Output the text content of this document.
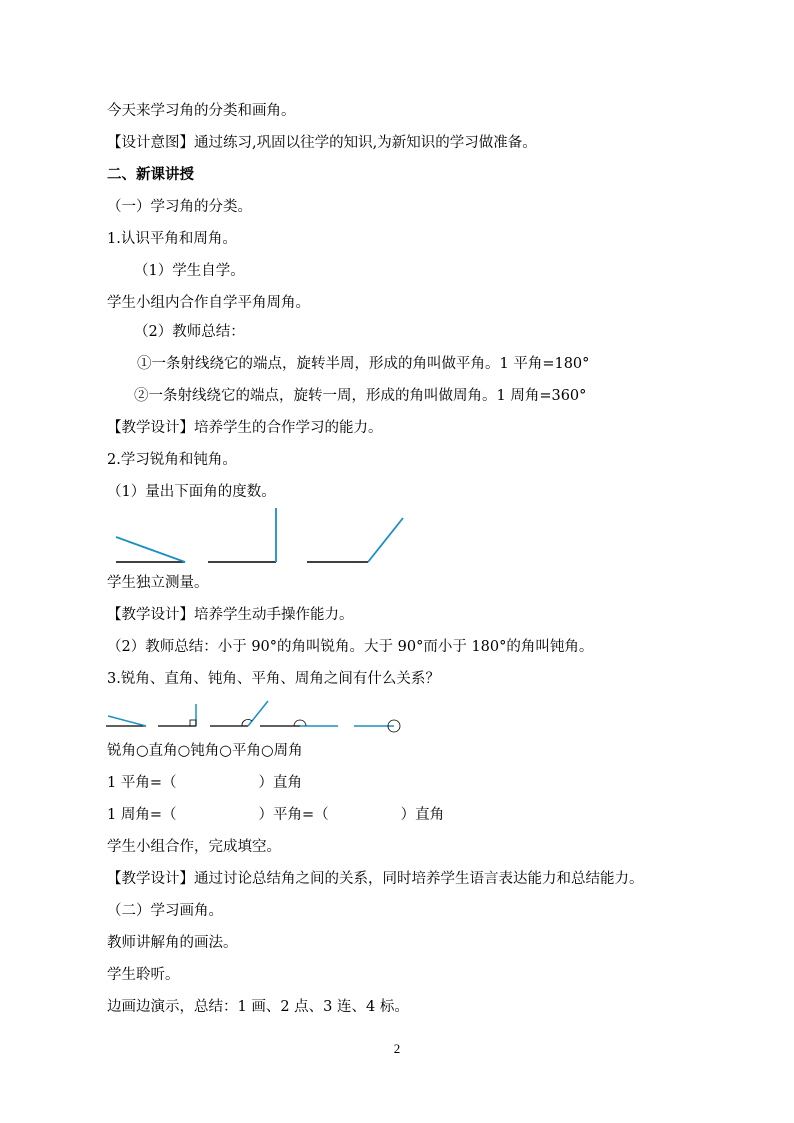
今天来学习角的分类和画角。
【设计意图】通过练习,巩固以往学的知识,为新知识的学习做准备。
二、新课讲授
（一）学习角的分类。
1.认识平角和周角。
（1）学生自学。
学生小组内合作自学平角周角。
（2）教师总结：
①一条射线绕它的端点，旋转半周，形成的角叫做平角。1 平角=180°
②一条射线绕它的端点，旋转一周，形成的角叫做周角。1 周角=360°
【教学设计】培养学生的合作学习的能力。
2.学习锐角和钝角。
（1）量出下面角的度数。
学生独立测量。
【教学设计】培养学生动手操作能力。
（2）教师总结：小于 90°的角叫锐角。大于 90°而小于 180°的角叫钝角。
3.锐角、直角、钝角、平角、周角之间有什么关系？
锐角○直角○钝角○平角○周角
1 平角=（	）直角
1 周角=（	）平角=（	）直角
学生小组合作，完成填空。
【教学设计】通过讨论总结角之间的关系，同时培养学生语言表达能力和总结能力。
（二）学习画角。
教师讲解角的画法。
学生聆听。
边画边演示，总结：1 画、2 点、3 连、4 标。
2
